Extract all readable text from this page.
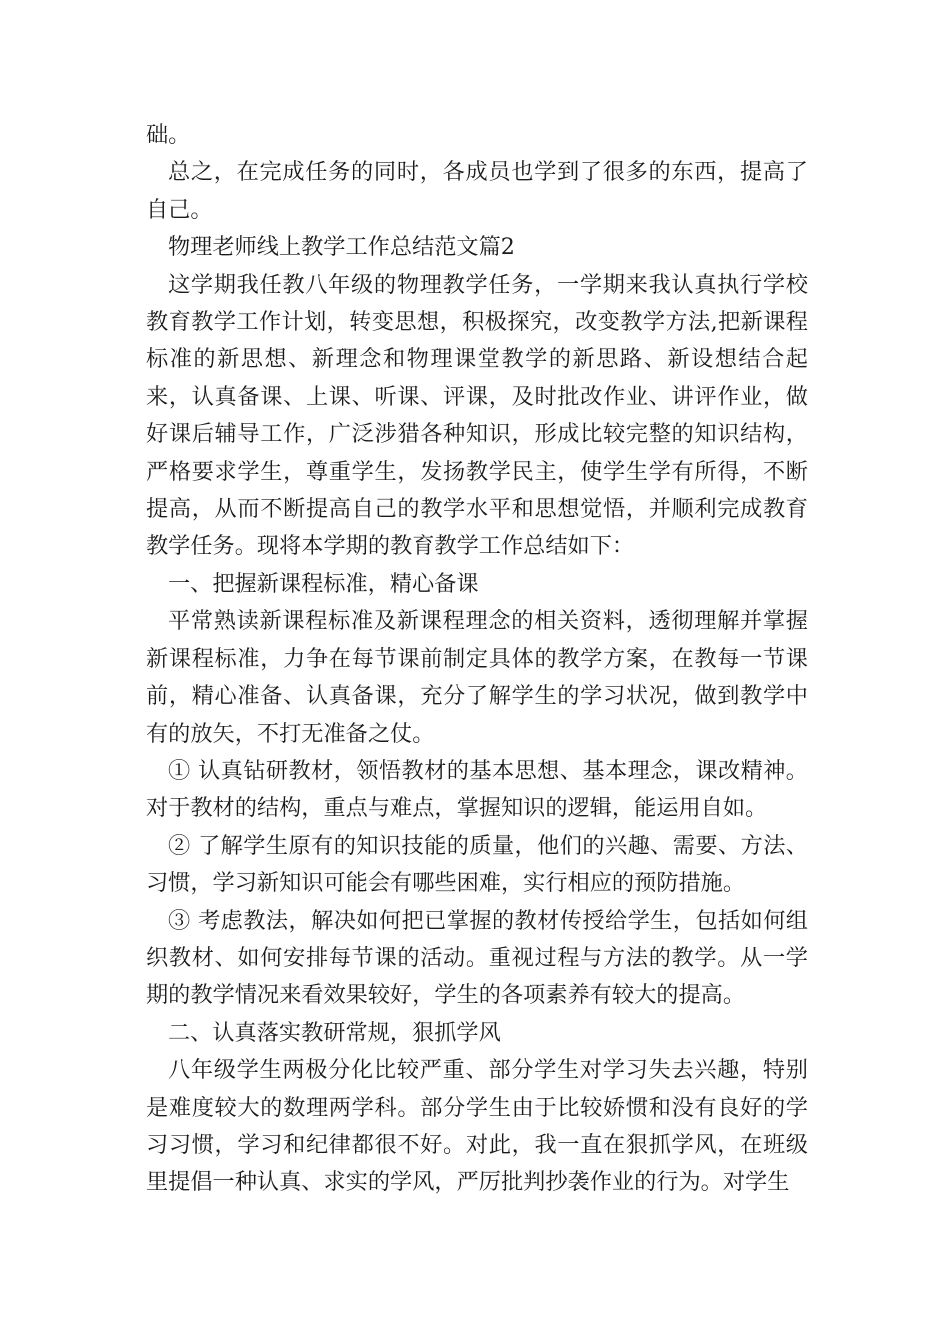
础。

总之，在完成任务的同时，各成员也学到了很多的东西，提高了自己。

物理老师线上教学工作总结范文篇2

这学期我任教八年级的物理教学任务，一学期来我认真执行学校教育教学工作计划，转变思想，积极探究，改变教学方法,把新课程标准的新思想、新理念和物理课堂教学的新思路、新设想结合起来，认真备课、上课、听课、评课，及时批改作业、讲评作业，做好课后辅导工作，广泛涉猎各种知识，形成比较完整的知识结构，严格要求学生，尊重学生，发扬教学民主，使学生学有所得，不断提高，从而不断提高自己的教学水平和思想觉悟，并顺利完成教育教学任务。现将本学期的教育教学工作总结如下：

一、把握新课程标准，精心备课

平常熟读新课程标准及新课程理念的相关资料，透彻理解并掌握新课程标准，力争在每节课前制定具体的教学方案，在教每一节课前，精心准备、认真备课，充分了解学生的学习状况，做到教学中有的放矢，不打无准备之仗。

① 认真钻研教材，领悟教材的基本思想、基本理念，课改精神。对于教材的结构，重点与难点，掌握知识的逻辑，能运用自如。

② 了解学生原有的知识技能的质量，他们的兴趣、需要、方法、习惯，学习新知识可能会有哪些困难，实行相应的预防措施。

③ 考虑教法，解决如何把已掌握的教材传授给学生，包括如何组织教材、如何安排每节课的活动。重视过程与方法的教学。从一学期的教学情况来看效果较好，学生的各项素养有较大的提高。

二、认真落实教研常规，狠抓学风

八年级学生两极分化比较严重、部分学生对学习失去兴趣，特别是难度较大的数理两学科。部分学生由于比较娇惯和没有良好的学习习惯，学习和纪律都很不好。对此，我一直在狠抓学风，在班级里提倡一种认真、求实的学风，严厉批判抄袭作业的行为。对学生
